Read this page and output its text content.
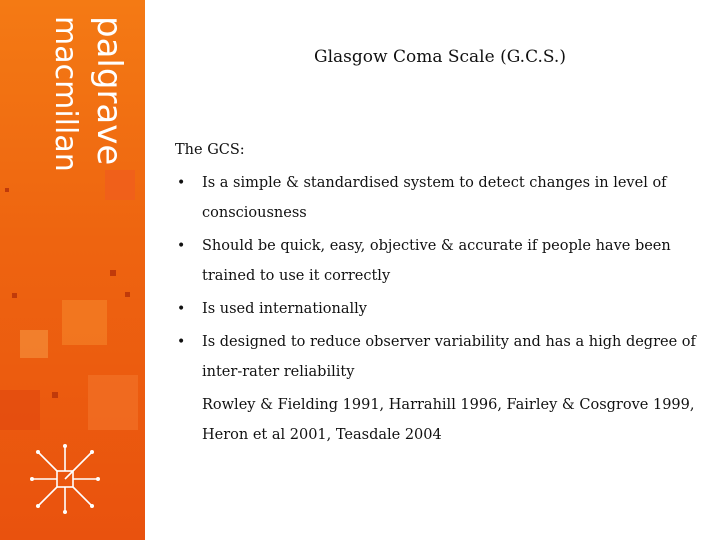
palgrave
macmillan	Glasgow Coma Scale (G.C.S.)
The GCS:
• Is a simple & standardised system to detect changes in level of consciousness
• Should be quick, easy, objective & accurate if people have been trained to use it correctly
• Is used internationally
• Is designed to reduce observer variability and has a high degree of inter-rater reliability
Rowley & Fielding 1991, Harrahill 1996, Fairley & Cosgrove 1999, Heron et al 2001, Teasdale 2004
